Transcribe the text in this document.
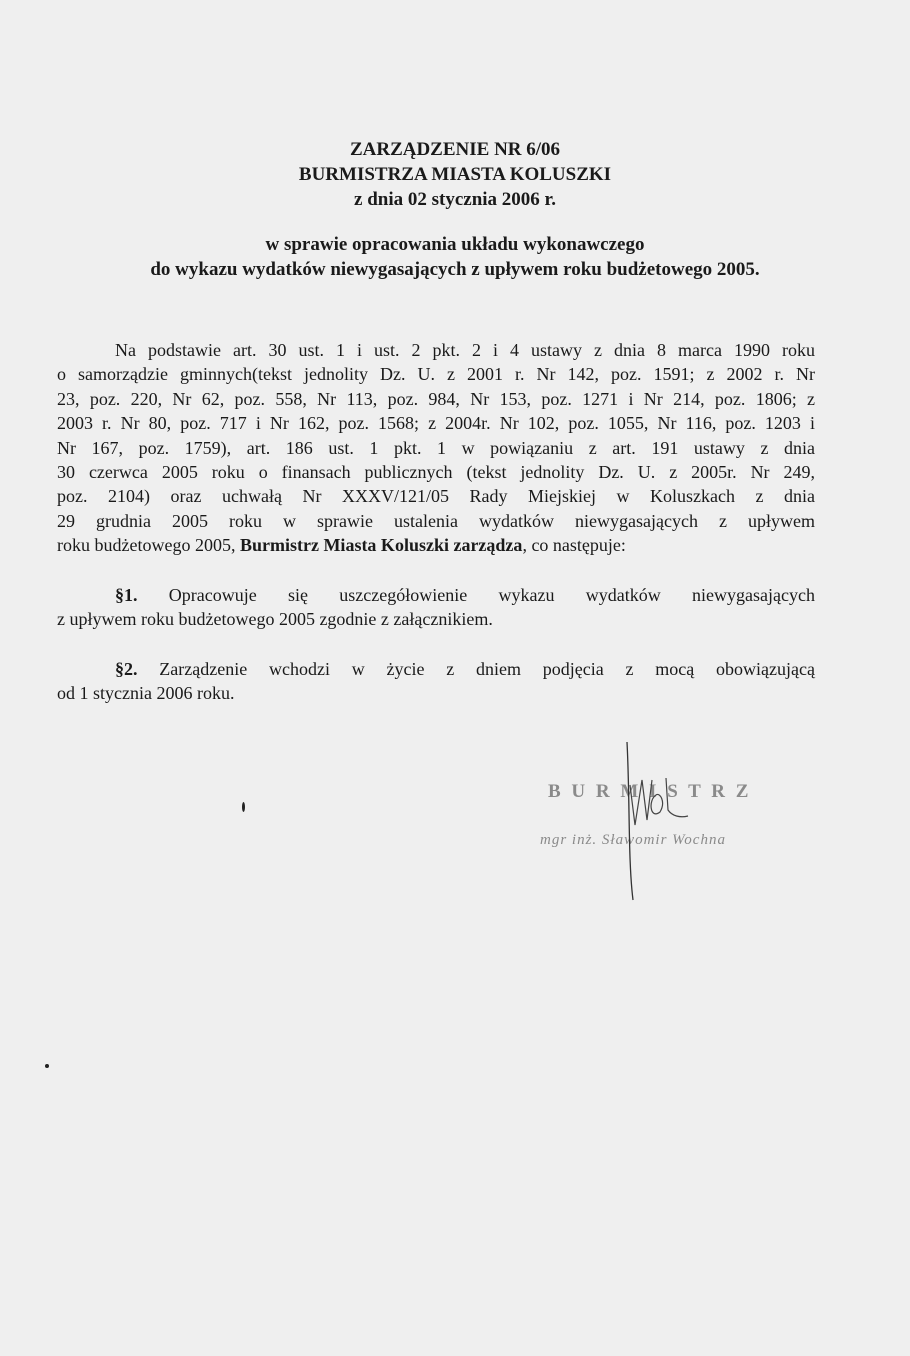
ZARZĄDZENIE NR 6/06
BURMISTRZA MIASTA KOLUSZKI
z dnia 02 stycznia 2006 r.
w sprawie opracowania układu wykonawczego
do wykazu wydatków niewygasających z upływem roku budżetowego 2005.
Na podstawie art. 30 ust. 1 i ust. 2 pkt. 2 i 4 ustawy z dnia 8 marca 1990 roku
o samorządzie gminnych(tekst jednolity Dz. U. z 2001 r. Nr 142, poz. 1591; z 2002 r. Nr
23, poz. 220, Nr 62, poz. 558, Nr 113, poz. 984, Nr 153, poz. 1271 i Nr 214, poz. 1806; z
2003 r. Nr 80, poz. 717 i Nr 162, poz. 1568; z 2004r. Nr 102, poz. 1055, Nr 116, poz. 1203 i
Nr 167, poz. 1759), art. 186 ust. 1 pkt. 1 w powiązaniu z art. 191 ustawy z dnia
30 czerwca 2005 roku o finansach publicznych (tekst jednolity Dz. U. z 2005r. Nr 249,
poz. 2104) oraz uchwałą Nr XXXV/121/05 Rady Miejskiej w Koluszkach z dnia
29 grudnia 2005 roku w sprawie ustalenia wydatków niewygasających z upływem
roku budżetowego 2005, Burmistrz Miasta Koluszki zarządza, co następuje:
§1. Opracowuje się uszczegółowienie wykazu wydatków niewygasających
z upływem roku budżetowego 2005 zgodnie z załącznikiem.
§2. Zarządzenie wchodzi w życie z dniem podjęcia z mocą obowiązującą
od 1 stycznia 2006 roku.
B U R M I S T R Z
mgr inż. Sławomir Wochna
